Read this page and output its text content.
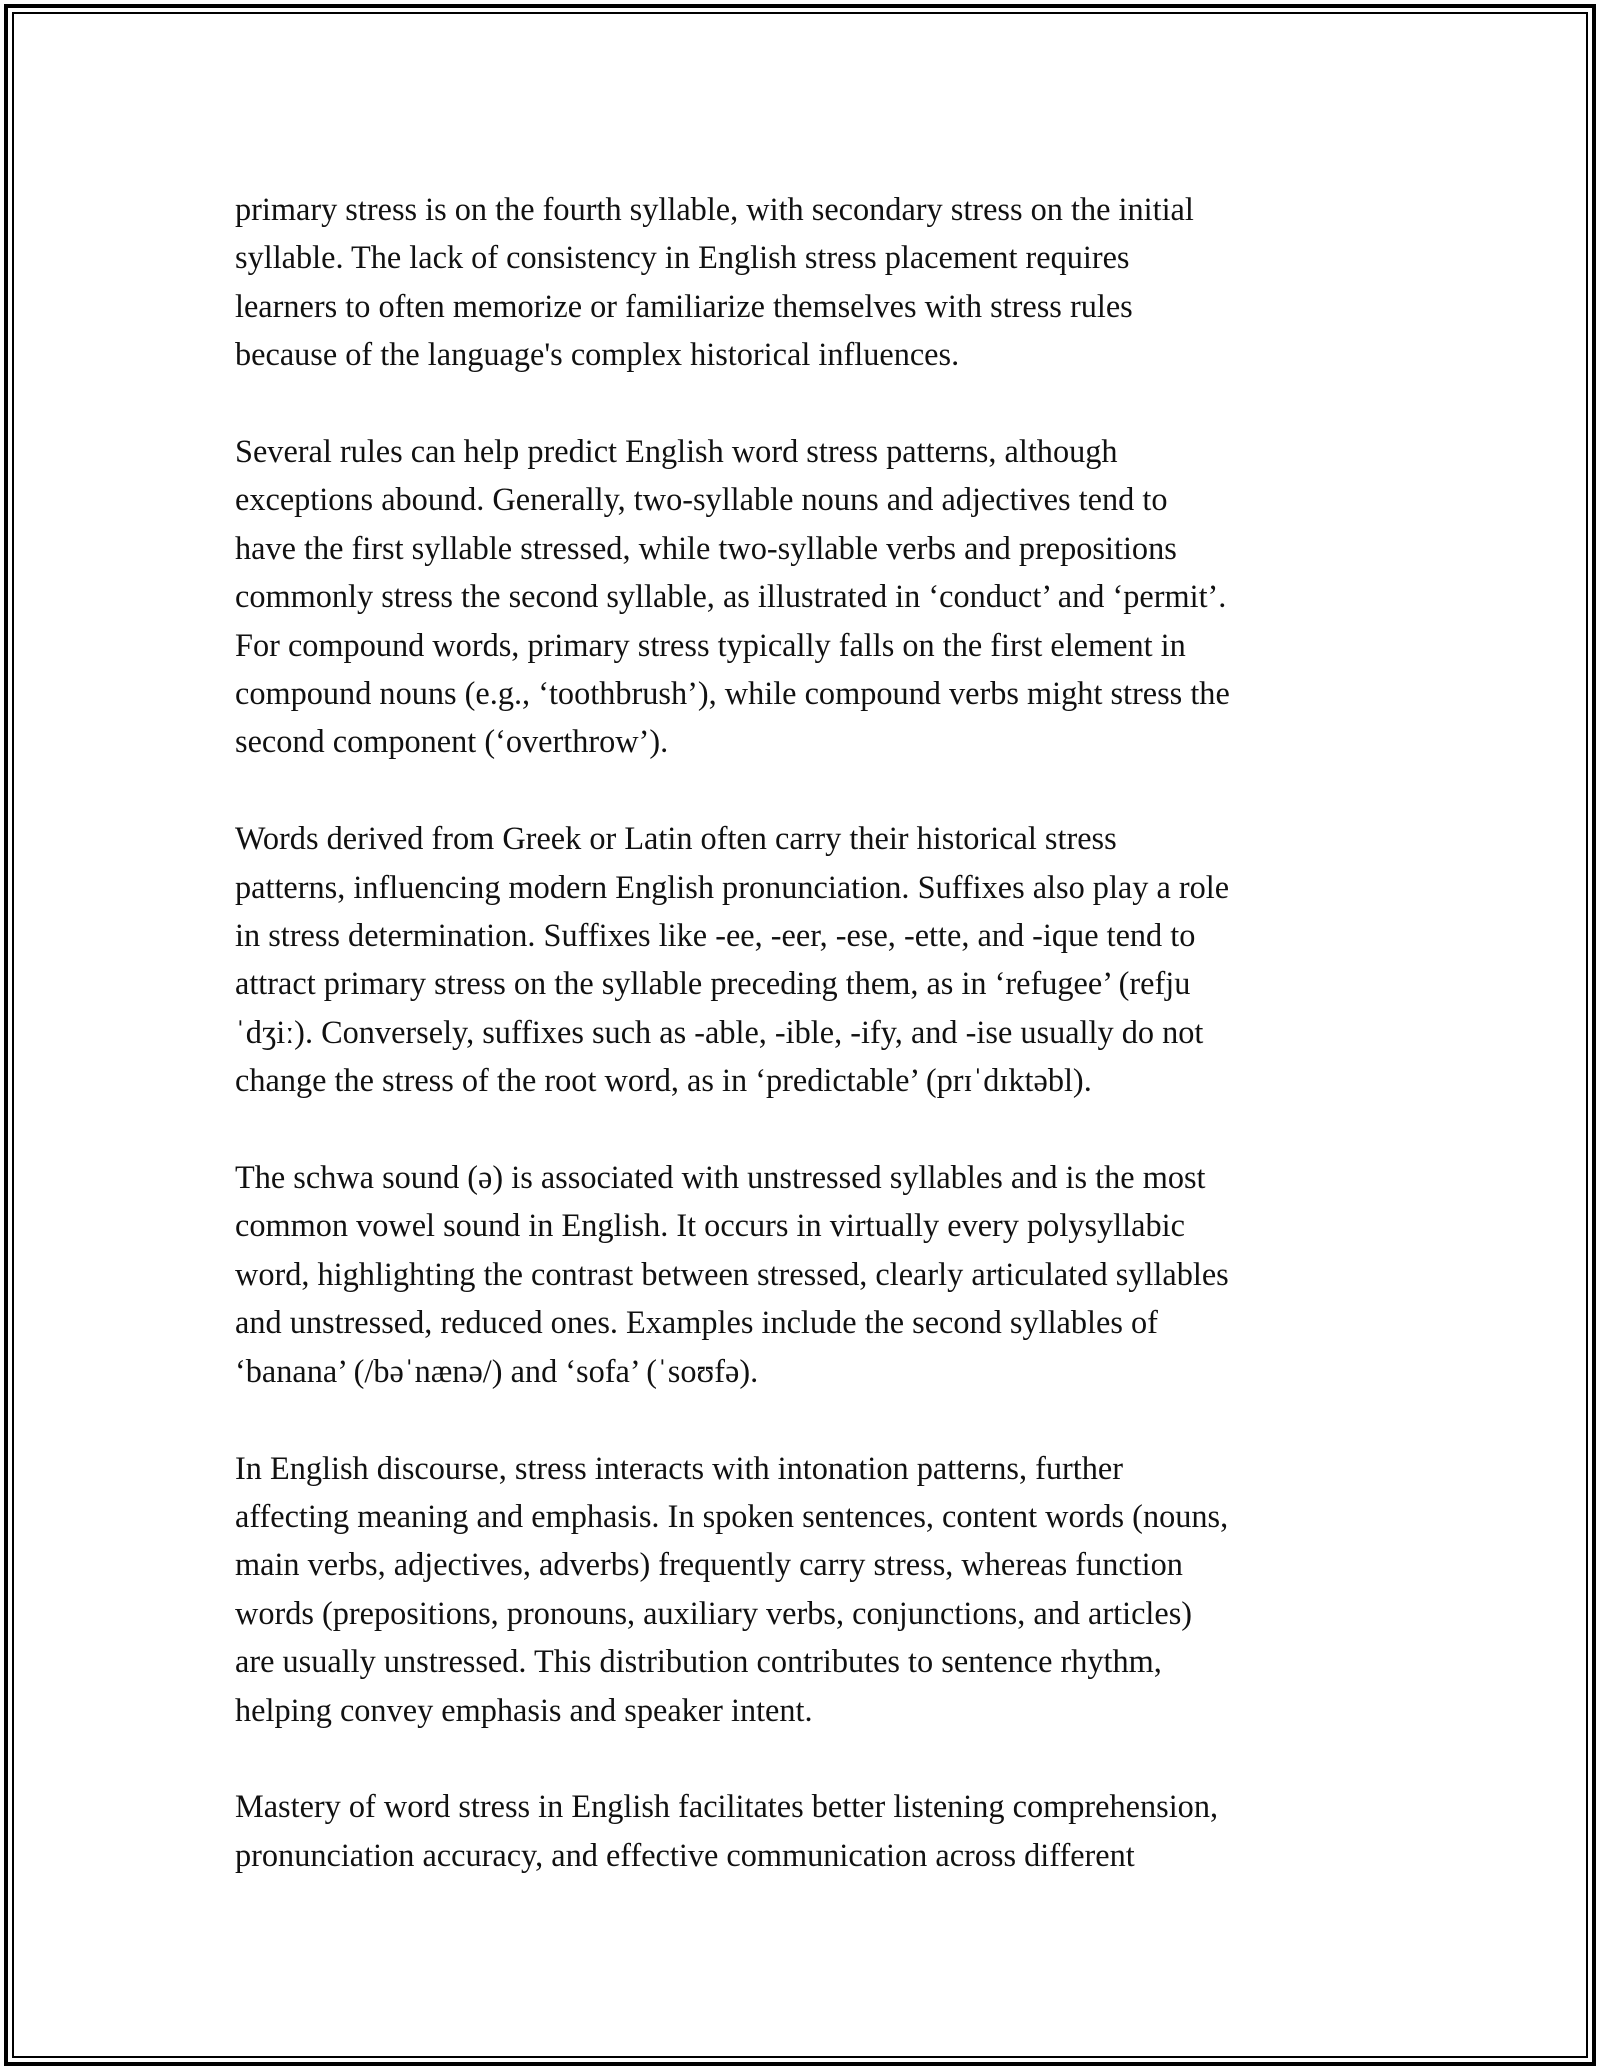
primary stress is on the fourth syllable, with secondary stress on the initial
syllable. The lack of consistency in English stress placement requires
learners to often memorize or familiarize themselves with stress rules
because of the language's complex historical influences.

Several rules can help predict English word stress patterns, although
exceptions abound. Generally, two-syllable nouns and adjectives tend to
have the first syllable stressed, while two-syllable verbs and prepositions
commonly stress the second syllable, as illustrated in ‘conduct’ and ‘permit’.
For compound words, primary stress typically falls on the first element in
compound nouns (e.g., ‘toothbrush’), while compound verbs might stress the
second component (‘overthrow’).

Words derived from Greek or Latin often carry their historical stress
patterns, influencing modern English pronunciation. Suffixes also play a role
in stress determination. Suffixes like -ee, -eer, -ese, -ette, and -ique tend to
attract primary stress on the syllable preceding them, as in ‘refugee’ (refju
ˈdʒiː). Conversely, suffixes such as -able, -ible, -ify, and -ise usually do not
change the stress of the root word, as in ‘predictable’ (prɪˈdɪktəbl).

The schwa sound (ə) is associated with unstressed syllables and is the most
common vowel sound in English. It occurs in virtually every polysyllabic
word, highlighting the contrast between stressed, clearly articulated syllables
and unstressed, reduced ones. Examples include the second syllables of
‘banana’ (/bəˈnænə/) and ‘sofa’ (ˈsoʊfə).

In English discourse, stress interacts with intonation patterns, further
affecting meaning and emphasis. In spoken sentences, content words (nouns,
main verbs, adjectives, adverbs) frequently carry stress, whereas function
words (prepositions, pronouns, auxiliary verbs, conjunctions, and articles)
are usually unstressed. This distribution contributes to sentence rhythm,
helping convey emphasis and speaker intent.

Mastery of word stress in English facilitates better listening comprehension,
pronunciation accuracy, and effective communication across different
